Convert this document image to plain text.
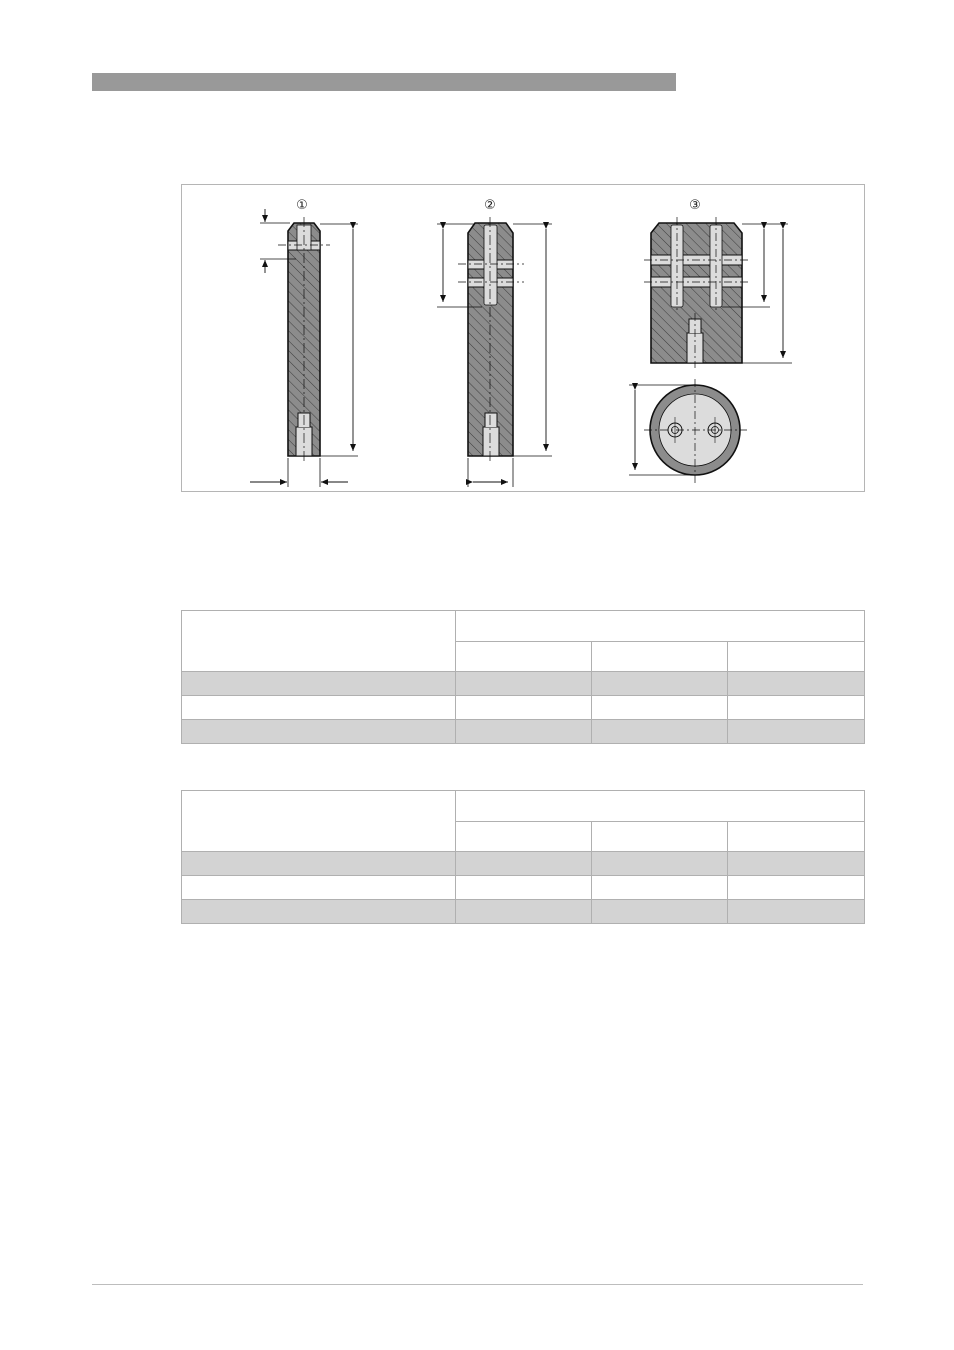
①	②	③
